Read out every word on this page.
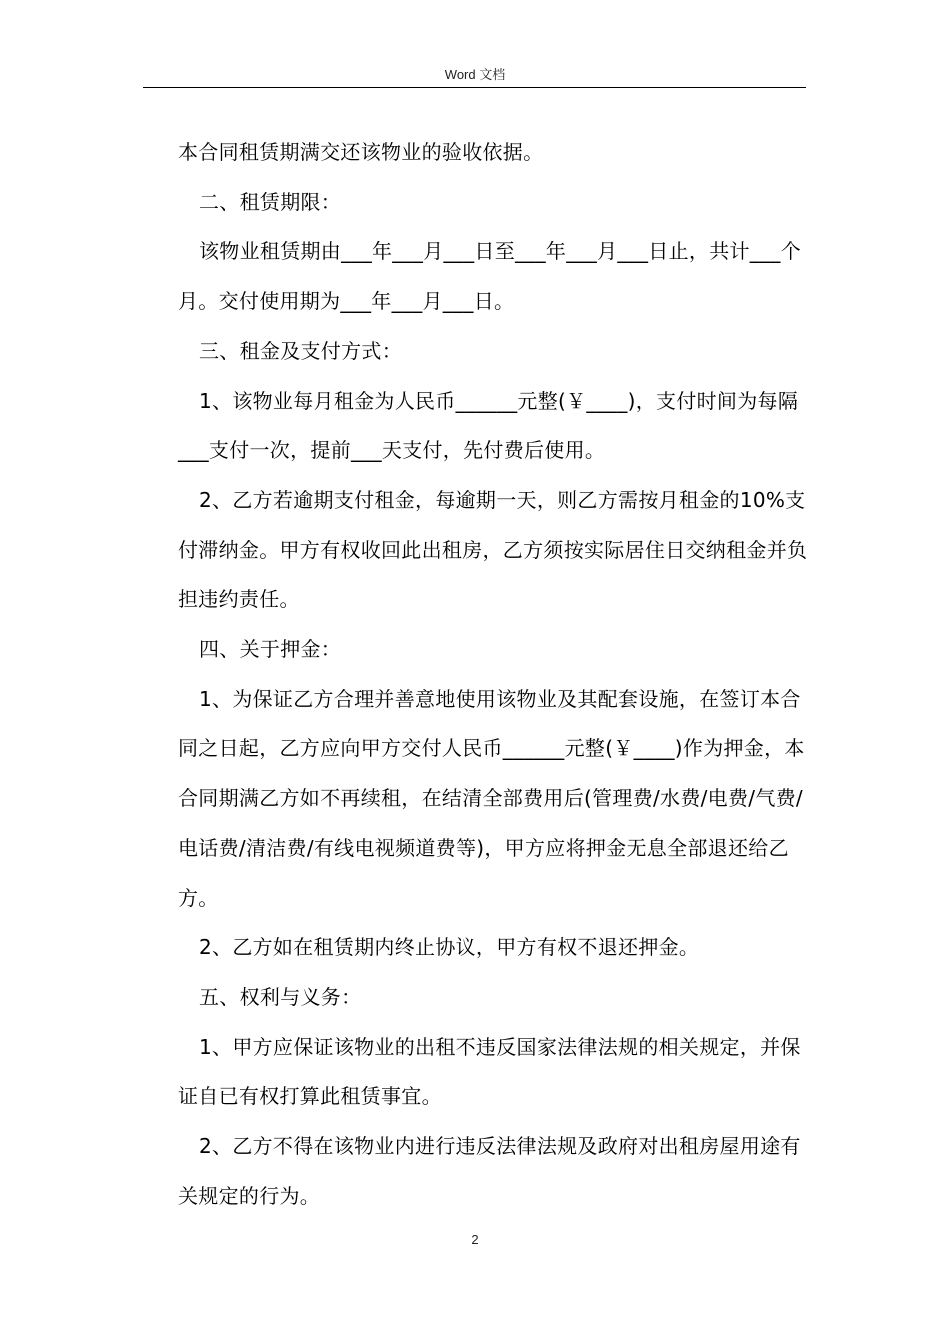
Word 文档

本合同租赁期满交还该物业的验收依据。

二、租赁期限：

该物业租赁期由___年___月___日至___年___月___日止，共计___个月。交付使用期为___年___月___日。

三、租金及支付方式：

1、该物业每月租金为人民币______元整(￥____)，支付时间为每隔___支付一次，提前___天支付，先付费后使用。

2、乙方若逾期支付租金，每逾期一天，则乙方需按月租金的10%支付滞纳金。甲方有权收回此出租房，乙方须按实际居住日交纳租金并负担违约责任。

四、关于押金：

1、为保证乙方合理并善意地使用该物业及其配套设施，在签订本合同之日起，乙方应向甲方交付人民币______元整(￥____)作为押金，本合同期满乙方如不再续租，在结清全部费用后(管理费/水费/电费/气费/电话费/清洁费/有线电视频道费等)，甲方应将押金无息全部退还给乙方。

2、乙方如在租赁期内终止协议，甲方有权不退还押金。

五、权利与义务：

1、甲方应保证该物业的出租不违反国家法律法规的相关规定，并保证自已有权打算此租赁事宜。

2、乙方不得在该物业内进行违反法律法规及政府对出租房屋用途有关规定的行为。

2
